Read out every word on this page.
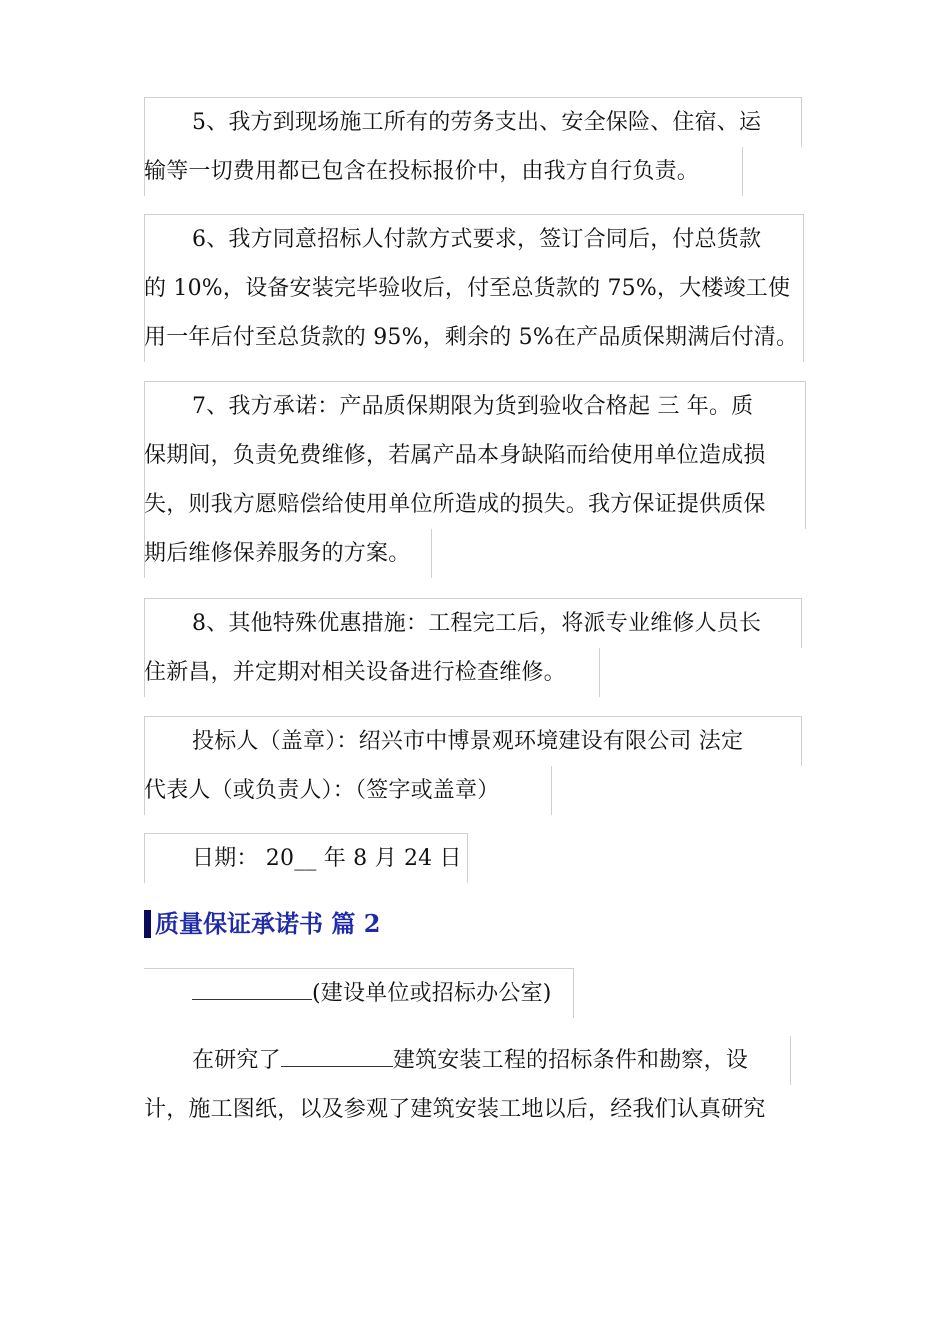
5、我方到现场施工所有的劳务支出、安全保险、住宿、运
输等一切费用都已包含在投标报价中，由我方自行负责。
6、我方同意招标人付款方式要求，签订合同后，付总货款
的 10%，设备安装完毕验收后，付至总货款的 75%，大楼竣工使
用一年后付至总货款的 95%，剩余的 5%在产品质保期满后付清。
7、我方承诺：产品质保期限为货到验收合格起 三 年。质
保期间，负责免费维修，若属产品本身缺陷而给使用单位造成损
失，则我方愿赔偿给使用单位所造成的损失。我方保证提供质保
期后维修保养服务的方案。
8、其他特殊优惠措施：工程完工后，将派专业维修人员长
住新昌，并定期对相关设备进行检查维修。
投标人（盖章）：绍兴市中博景观环境建设有限公司 法定
代表人（或负责人）：（签字或盖章）
日期： 20__ 年 8 月 24 日
质量保证承诺书 篇 2
(建设单位或招标办公室)
在研究了	建筑安装工程的招标条件和勘察，设
计，施工图纸，以及参观了建筑安装工地以后，经我们认真研究
